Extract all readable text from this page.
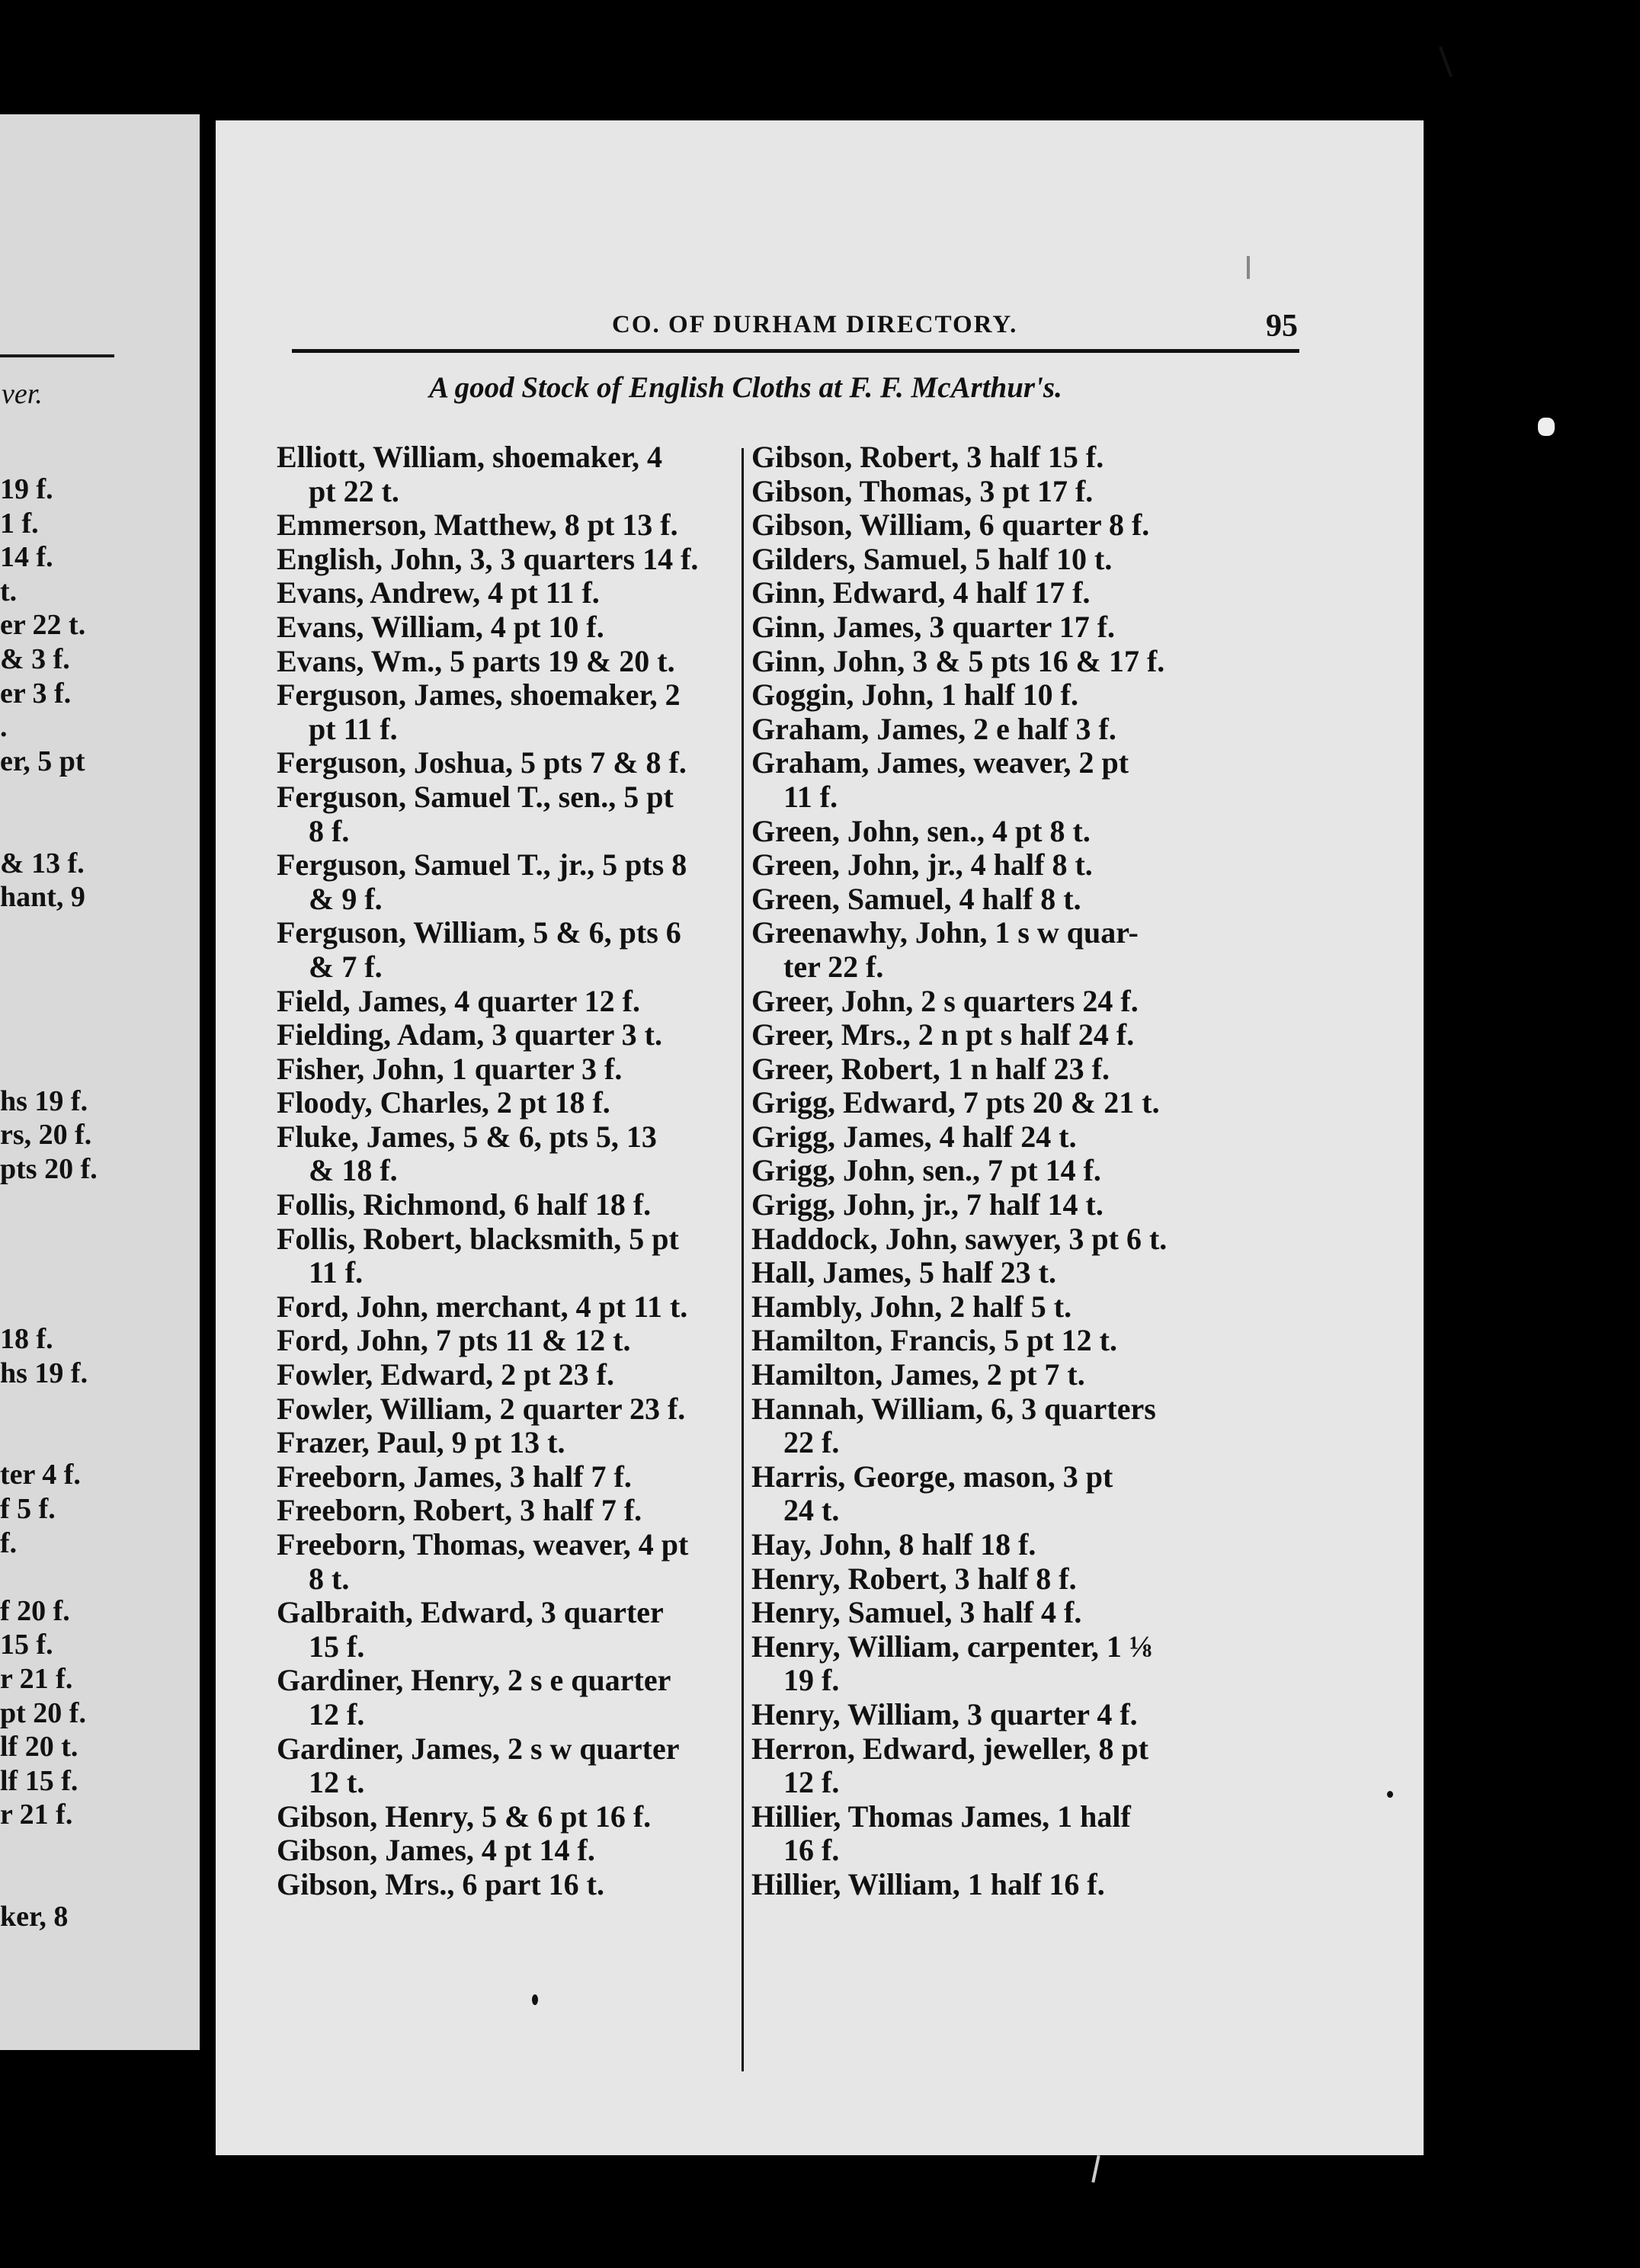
ver.
19 f.
1 f.
14 f.
t.
er 22 t.
& 3 f.
er 3 f.
.
er, 5 pt
& 13 f.
hant, 9
hs 19 f.
rs, 20 f.
pts 20 f.
18 f.
hs 19 f.
ter 4 f.
f 5 f.
f.
f 20 f.
15 f.
r 21 f.
pt 20 f.
lf 20 t.
lf 15 f.
r 21 f.
ker, 8
CO. OF DURHAM DIRECTORY.	95
A good Stock of English Cloths at F. F. McArthur's.
Elliott, William, shoemaker, 4
pt 22 t.
Emmerson, Matthew, 8 pt 13 f.
English, John, 3, 3 quarters 14 f.
Evans, Andrew, 4 pt 11 f.
Evans, William, 4 pt 10 f.
Evans, Wm., 5 parts 19 & 20 t.
Ferguson, James, shoemaker, 2
pt 11 f.
Ferguson, Joshua, 5 pts 7 & 8 f.
Ferguson, Samuel T., sen., 5 pt
8 f.
Ferguson, Samuel T., jr., 5 pts 8
& 9 f.
Ferguson, William, 5 & 6, pts 6
& 7 f.
Field, James, 4 quarter 12 f.
Fielding, Adam, 3 quarter 3 t.
Fisher, John, 1 quarter 3 f.
Floody, Charles, 2 pt 18 f.
Fluke, James, 5 & 6, pts 5, 13
& 18 f.
Follis, Richmond, 6 half 18 f.
Follis, Robert, blacksmith, 5 pt
11 f.
Ford, John, merchant, 4 pt 11 t.
Ford, John, 7 pts 11 & 12 t.
Fowler, Edward, 2 pt 23 f.
Fowler, William, 2 quarter 23 f.
Frazer, Paul, 9 pt 13 t.
Freeborn, James, 3 half 7 f.
Freeborn, Robert, 3 half 7 f.
Freeborn, Thomas, weaver, 4 pt
8 t.
Galbraith, Edward, 3 quarter
15 f.
Gardiner, Henry, 2 s e quarter
12 f.
Gardiner, James, 2 s w quarter
12 t.
Gibson, Henry, 5 & 6 pt 16 f.
Gibson, James, 4 pt 14 f.
Gibson, Mrs., 6 part 16 t.
Gibson, Robert, 3 half 15 f.
Gibson, Thomas, 3 pt 17 f.
Gibson, William, 6 quarter 8 f.
Gilders, Samuel, 5 half 10 t.
Ginn, Edward, 4 half 17 f.
Ginn, James, 3 quarter 17 f.
Ginn, John, 3 & 5 pts 16 & 17 f.
Goggin, John, 1 half 10 f.
Graham, James, 2 e half 3 f.
Graham, James, weaver, 2 pt
11 f.
Green, John, sen., 4 pt 8 t.
Green, John, jr., 4 half 8 t.
Green, Samuel, 4 half 8 t.
Greenawhy, John, 1 s w quar-
ter 22 f.
Greer, John, 2 s quarters 24 f.
Greer, Mrs., 2 n pt s half 24 f.
Greer, Robert, 1 n half 23 f.
Grigg, Edward, 7 pts 20 & 21 t.
Grigg, James, 4 half 24 t.
Grigg, John, sen., 7 pt 14 f.
Grigg, John, jr., 7 half 14 t.
Haddock, John, sawyer, 3 pt 6 t.
Hall, James, 5 half 23 t.
Hambly, John, 2 half 5 t.
Hamilton, Francis, 5 pt 12 t.
Hamilton, James, 2 pt 7 t.
Hannah, William, 6, 3 quarters
22 f.
Harris, George, mason, 3 pt
24 t.
Hay, John, 8 half 18 f.
Henry, Robert, 3 half 8 f.
Henry, Samuel, 3 half 4 f.
Henry, William, carpenter, 1 ⅛
19 f.
Henry, William, 3 quarter 4 f.
Herron, Edward, jeweller, 8 pt
12 f.
Hillier, Thomas James, 1 half
16 f.
Hillier, William, 1 half 16 f.
